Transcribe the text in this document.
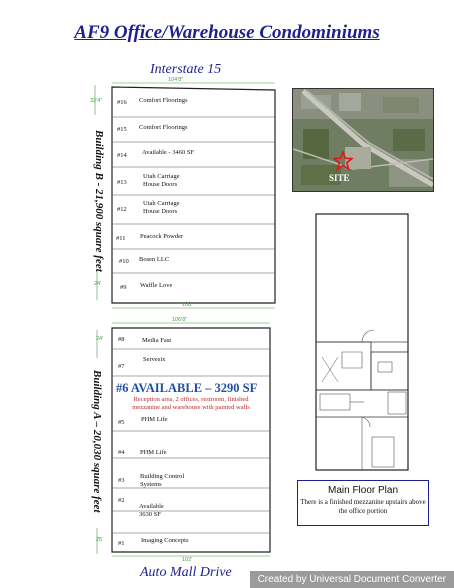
AF9 Office/Warehouse Condominiums
Interstate 15
104'8"
32'4"
24'
108'
Building B - 21,900 square feet
#16 Comfort Floorings
#15 Comfort Floorings
#14 Available - 3460 SF
#13
Utah Carriage
House Doors
#12
Utah Carriage
House Doors
#11 Peacock Powder
#10 Bosen LLC
#9 Waffle Love
106'8"
24'
25'
102'
Building A – 20,030 square feet
#8	Media Fast
#7
Servesix
#6 AVAILABLE – 3290 SF
Reception area, 2 offices, restroom, finished
mezzanine and warehouse with painted walls
#5	PHM Life
#4 PHM Life
#3
Building Control
Systems
#2
Available
3630 SF
#1	Imaging Concepts
Auto Mall Drive
SITE
Main Floor Plan
There is a finished mezzanine upstairs above the office portion
Created by Universal Document Converter
